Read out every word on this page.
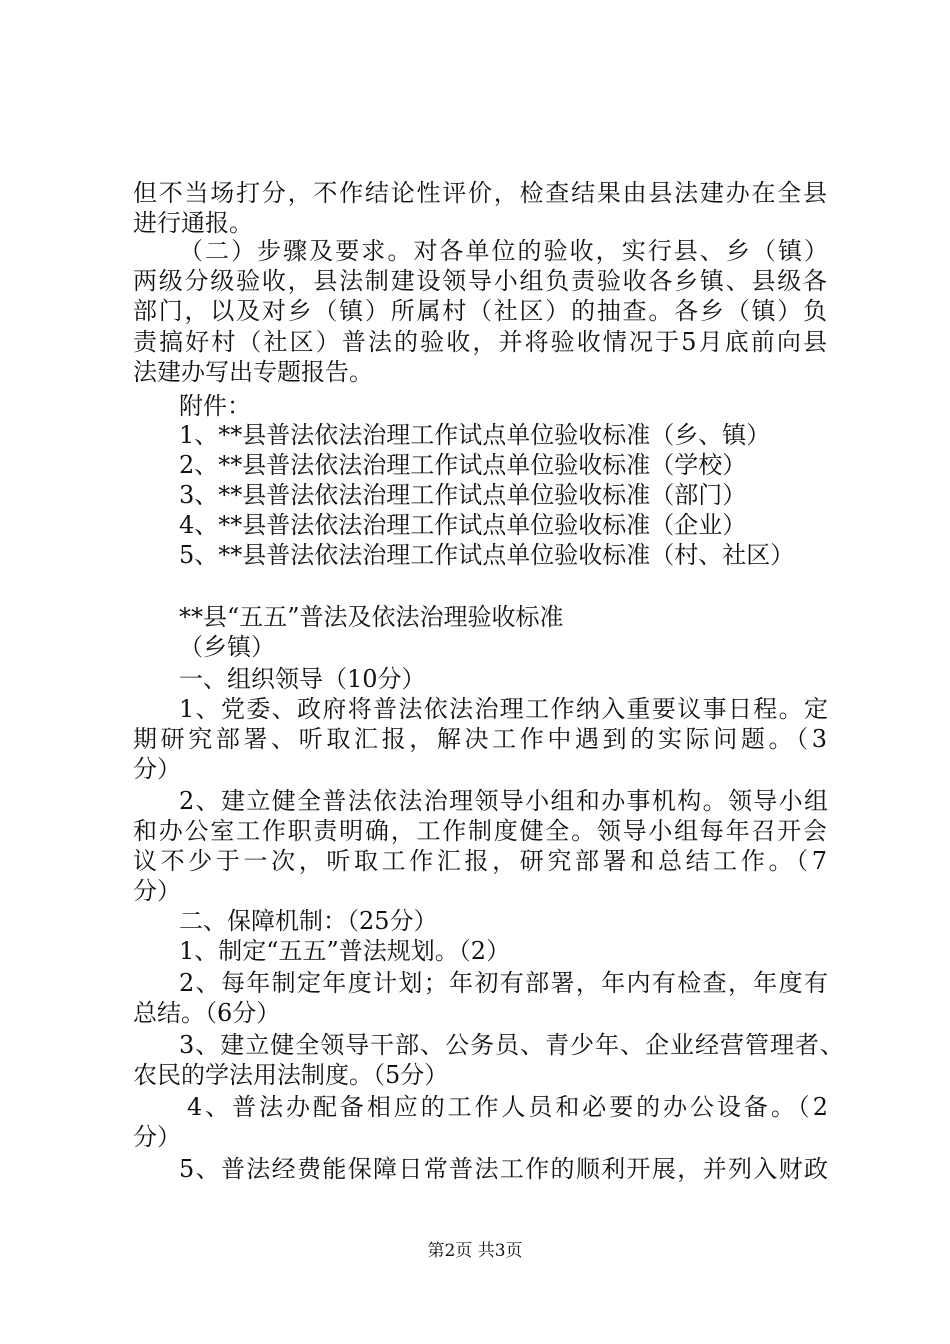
但不当场打分，不作结论性评价，检查结果由县法建办在全县
进行通报。
（二）步骤及要求。对各单位的验收，实行县、乡（镇）
两级分级验收，县法制建设领导小组负责验收各乡镇、县级各
部门，以及对乡（镇）所属村（社区）的抽查。各乡（镇）负
责搞好村（社区）普法的验收，并将验收情况于5月底前向县
法建办写出专题报告。
附件：
1、**县普法依法治理工作试点单位验收标准（乡、镇）
2、**县普法依法治理工作试点单位验收标准（学校）
3、**县普法依法治理工作试点单位验收标准（部门）
4、**县普法依法治理工作试点单位验收标准（企业）
5、**县普法依法治理工作试点单位验收标准（村、社区）
**县“五五”普法及依法治理验收标准
（乡镇）
一、组织领导（10分）
1、党委、政府将普法依法治理工作纳入重要议事日程。定
期研究部署、听取汇报，解决工作中遇到的实际问题。（3
分）
2、建立健全普法依法治理领导小组和办事机构。领导小组
和办公室工作职责明确，工作制度健全。领导小组每年召开会
议不少于一次，听取工作汇报，研究部署和总结工作。（7
分）
二、保障机制：（25分）
1、制定“五五”普法规划。（2）
2、每年制定年度计划；年初有部署，年内有检查，年度有
总结。（6分）
3、建立健全领导干部、公务员、青少年、企业经营管理者、
农民的学法用法制度。（5分）
4、普法办配备相应的工作人员和必要的办公设备。（2
分）
5、普法经费能保障日常普法工作的顺利开展，并列入财政
第2页 共3页
